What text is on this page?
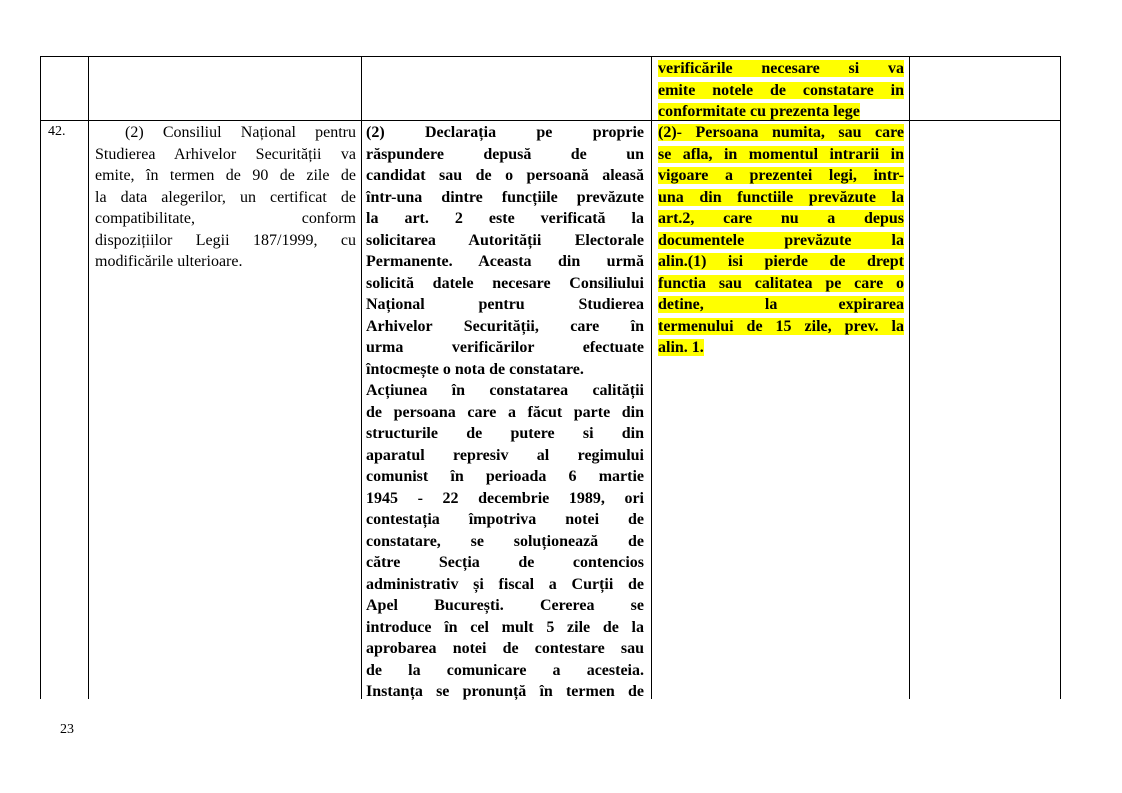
verificările necesare si va

emite notele de constatare in

conformitate cu prezenta lege

42.	(2) Consiliul Național pentru

Studierea Arhivelor Securității va

emite, în termen de 90 de zile de

la data alegerilor, un certificat de

compatibilitate, conform

dispozițiilor Legii 187/1999, cu

modificările ulterioare.

(2) Declarația pe proprie

răspundere depusă de un

candidat sau de o persoană aleasă

într-una dintre funcțiile prevăzute

la art. 2 este verificată la

solicitarea Autorității Electorale

Permanente. Aceasta din urmă

solicită datele necesare Consiliului

Național pentru Studierea

Arhivelor Securității, care în

urma verificărilor efectuate

întocmește o nota de constatare.

Acțiunea în constatarea calității

de persoana care a făcut parte din

structurile de putere si din

aparatul represiv al regimului

comunist în perioada 6 martie

1945 - 22 decembrie 1989, ori

contestația împotriva notei de

constatare, se soluționează de

către Secția de contencios

administrativ și fiscal a Curții de

Apel București. Cererea se

introduce în cel mult 5 zile de la

aprobarea notei de contestare sau

de la comunicare a acesteia.

Instanța se pronunță în termen de

(2)- Persoana numita, sau care

se afla, in momentul intrarii in

vigoare a prezentei legi, intr-

una din functiile prevăzute la

art.2, care nu a depus

documentele prevăzute la

alin.(1) isi pierde de drept

functia sau calitatea pe care o

detine, la expirarea

termenului de 15 zile, prev. la

alin. 1.

23
